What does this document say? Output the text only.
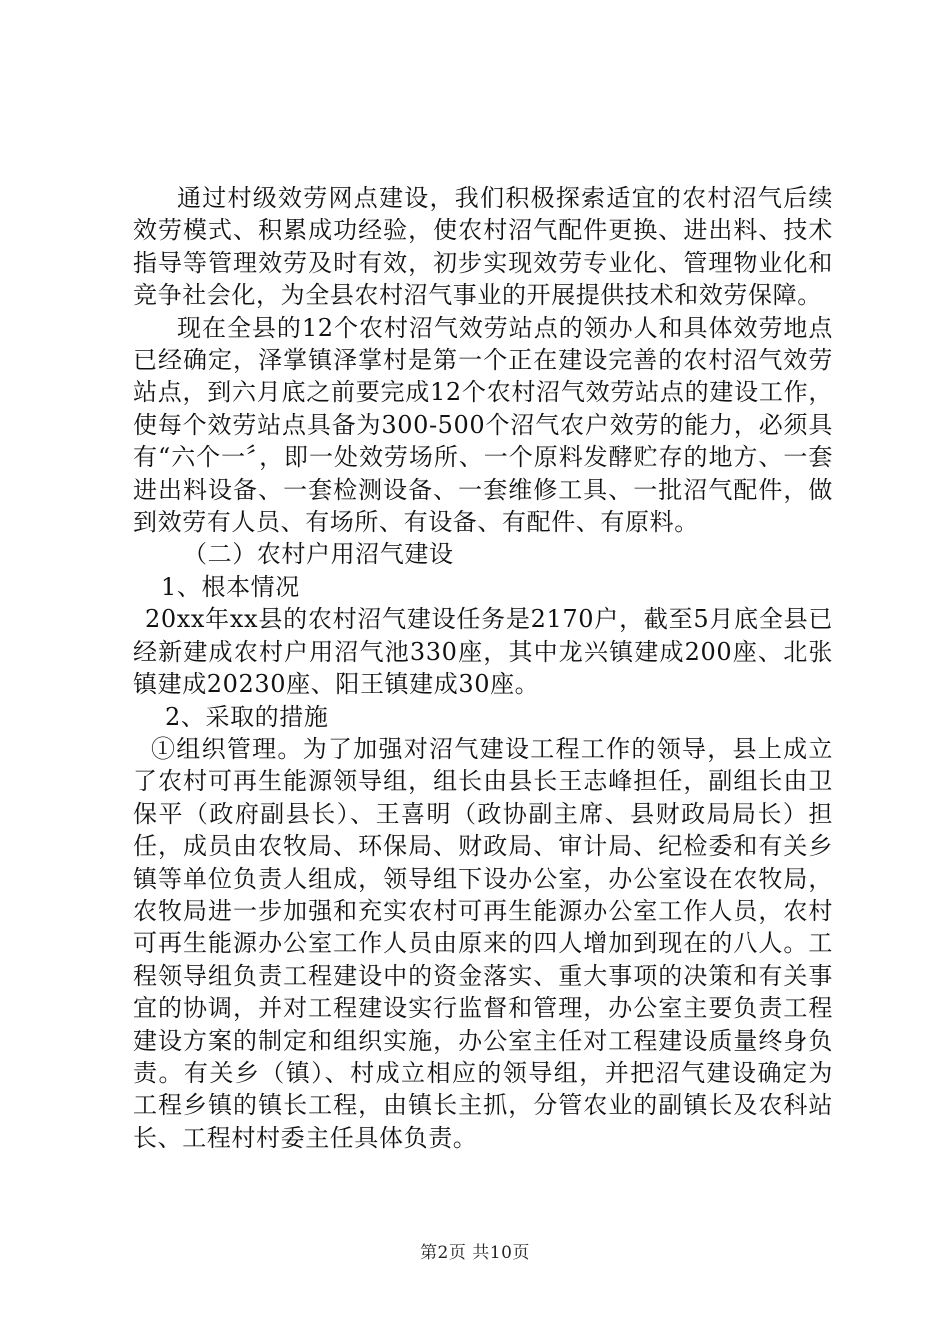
通过村级效劳网点建设，我们积极探索适宜的农村沼气后续效劳模式、积累成功经验，使农村沼气配件更换、进出料、技术指导等管理效劳及时有效，初步实现效劳专业化、管理物业化和竞争社会化，为全县农村沼气事业的开展提供技术和效劳保障。

现在全县的12个农村沼气效劳站点的领办人和具体效劳地点已经确定，泽掌镇泽掌村是第一个正在建设完善的农村沼气效劳站点，到六月底之前要完成12个农村沼气效劳站点的建设工作，使每个效劳站点具备为300-500个沼气农户效劳的能力，必须具有“六个一〞，即一处效劳场所、一个原料发酵贮存的地方、一套进出料设备、一套检测设备、一套维修工具、一批沼气配件，做到效劳有人员、有场所、有设备、有配件、有原料。

（二）农村户用沼气建设

1、根本情况

20xx年xx县的农村沼气建设任务是2170户，截至5月底全县已经新建成农村户用沼气池330座，其中龙兴镇建成200座、北张镇建成20230座、阳王镇建成30座。

2、采取的措施

①组织管理。为了加强对沼气建设工程工作的领导，县上成立了农村可再生能源领导组，组长由县长王志峰担任，副组长由卫保平（政府副县长）、王喜明（政协副主席、县财政局局长）担任，成员由农牧局、环保局、财政局、审计局、纪检委和有关乡镇等单位负责人组成，领导组下设办公室，办公室设在农牧局，农牧局进一步加强和充实农村可再生能源办公室工作人员，农村可再生能源办公室工作人员由原来的四人增加到现在的八人。工程领导组负责工程建设中的资金落实、重大事项的决策和有关事宜的协调，并对工程建设实行监督和管理，办公室主要负责工程建设方案的制定和组织实施，办公室主任对工程建设质量终身负责。有关乡（镇）、村成立相应的领导组，并把沼气建设确定为工程乡镇的镇长工程，由镇长主抓，分管农业的副镇长及农科站长、工程村村委主任具体负责。

第2页 共10页
